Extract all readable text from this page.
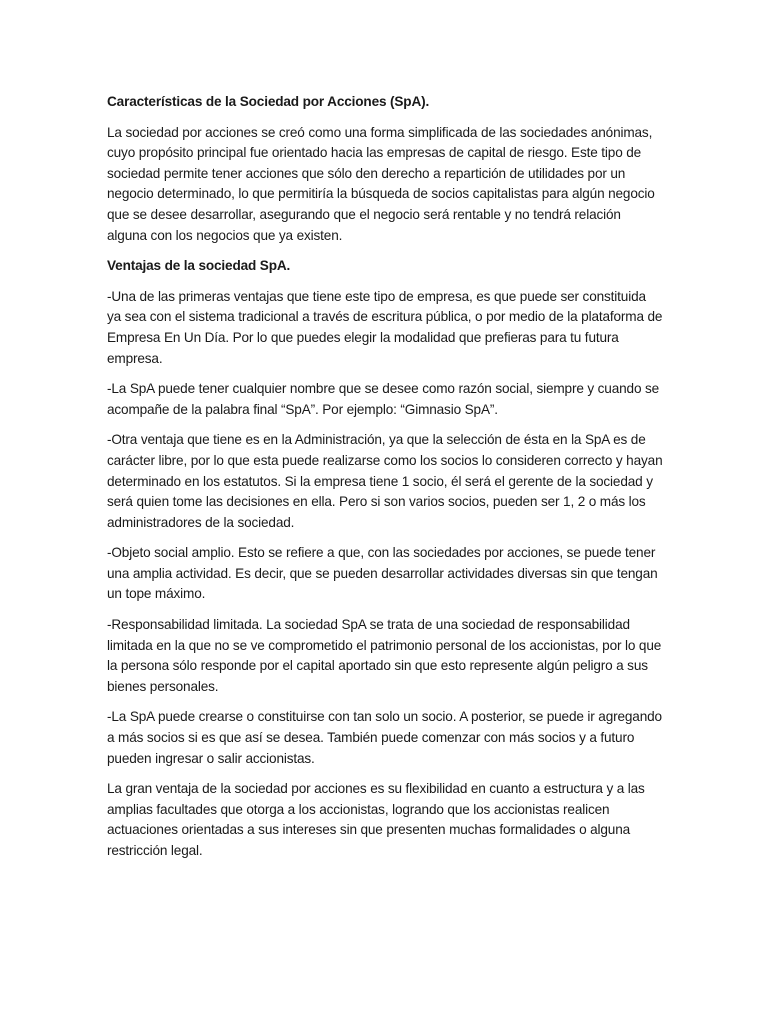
Características de la Sociedad por Acciones (SpA).

La sociedad por acciones se creó como una forma simplificada de las sociedades anónimas, cuyo propósito principal fue orientado hacia las empresas de capital de riesgo. Este tipo de sociedad permite tener acciones que sólo den derecho a repartición de utilidades por un negocio determinado, lo que permitiría la búsqueda de socios capitalistas para algún negocio que se desee desarrollar, asegurando que el negocio será rentable y no tendrá relación alguna con los negocios que ya existen.

Ventajas de la sociedad SpA.

-Una de las primeras ventajas que tiene este tipo de empresa, es que puede ser constituida ya sea con el sistema tradicional a través de escritura pública, o por medio de la plataforma de Empresa En Un Día. Por lo que puedes elegir la modalidad que prefieras para tu futura empresa.

-La SpA puede tener cualquier nombre que se desee como razón social, siempre y cuando se acompañe de la palabra final “SpA”. Por ejemplo: “Gimnasio SpA”.

-Otra ventaja que tiene es en la Administración, ya que la selección de ésta en la SpA es de carácter libre, por lo que esta puede realizarse como los socios lo consideren correcto y hayan determinado en los estatutos. Si la empresa tiene 1 socio, él será el gerente de la sociedad y será quien tome las decisiones en ella. Pero si son varios socios, pueden ser 1, 2 o más los administradores de la sociedad.

-Objeto social amplio. Esto se refiere a que, con las sociedades por acciones, se puede tener una amplia actividad. Es decir, que se pueden desarrollar actividades diversas sin que tengan un tope máximo.

-Responsabilidad limitada. La sociedad SpA se trata de una sociedad de responsabilidad limitada en la que no se ve comprometido el patrimonio personal de los accionistas, por lo que la persona sólo responde por el capital aportado sin que esto represente algún peligro a sus bienes personales.

-La SpA puede crearse o constituirse con tan solo un socio. A posterior, se puede ir agregando a más socios si es que así se desea. También puede comenzar con más socios y a futuro pueden ingresar o salir accionistas.

La gran ventaja de la sociedad por acciones es su flexibilidad en cuanto a estructura y a las amplias facultades que otorga a los accionistas, logrando que los accionistas realicen actuaciones orientadas a sus intereses sin que presenten muchas formalidades o alguna restricción legal.
